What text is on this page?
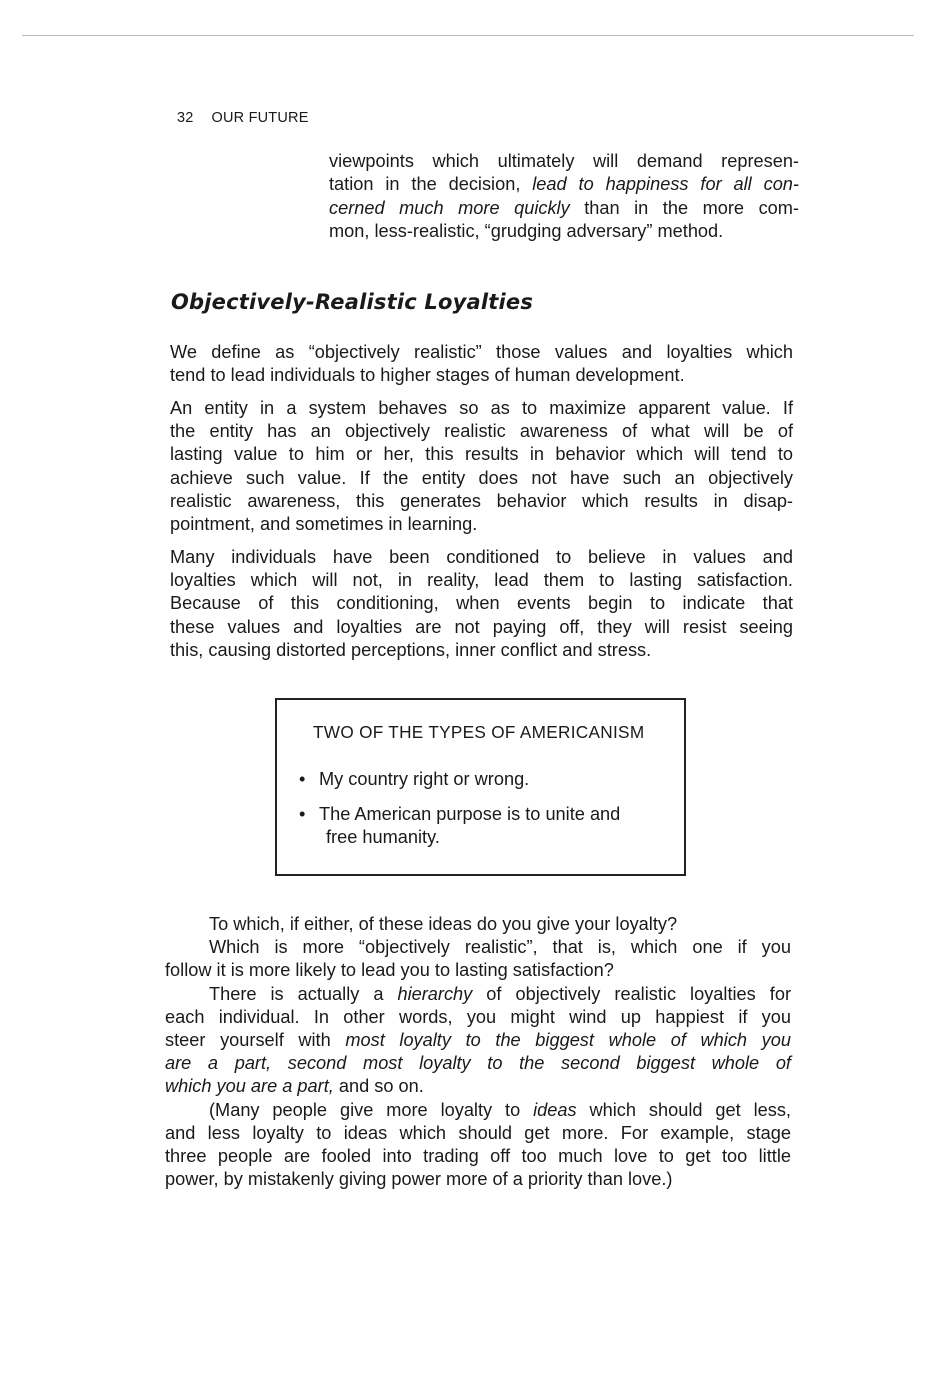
32 OUR FUTURE
viewpoints which ultimately will demand represen-
tation in the decision, lead to happiness for all con-
cerned much more quickly than in the more com-
mon, less-realistic, “grudging adversary” method.
Objectively-Realistic Loyalties
We define as “objectively realistic” those values and loyalties which
tend to lead individuals to higher stages of human development.
An entity in a system behaves so as to maximize apparent value. If
the entity has an objectively realistic awareness of what will be of
lasting value to him or her, this results in behavior which will tend to
achieve such value. If the entity does not have such an objectively
realistic awareness, this generates behavior which results in disap-
pointment, and sometimes in learning.
Many individuals have been conditioned to believe in values and
loyalties which will not, in reality, lead them to lasting satisfaction.
Because of this conditioning, when events begin to indicate that
these values and loyalties are not paying off, they will resist seeing
this, causing distorted perceptions, inner conflict and stress.
TWO OF THE TYPES OF AMERICANISM
• My country right or wrong.
• The American purpose is to unite and
free humanity.
To which, if either, of these ideas do you give your loyalty?
Which is more “objectively realistic”, that is, which one if you
follow it is more likely to lead you to lasting satisfaction?
There is actually a hierarchy of objectively realistic loyalties for
each individual. In other words, you might wind up happiest if you
steer yourself with most loyalty to the biggest whole of which you
are a part, second most loyalty to the second biggest whole of
which you are a part, and so on.
(Many people give more loyalty to ideas which should get less,
and less loyalty to ideas which should get more. For example, stage
three people are fooled into trading off too much love to get too little
power, by mistakenly giving power more of a priority than love.)
